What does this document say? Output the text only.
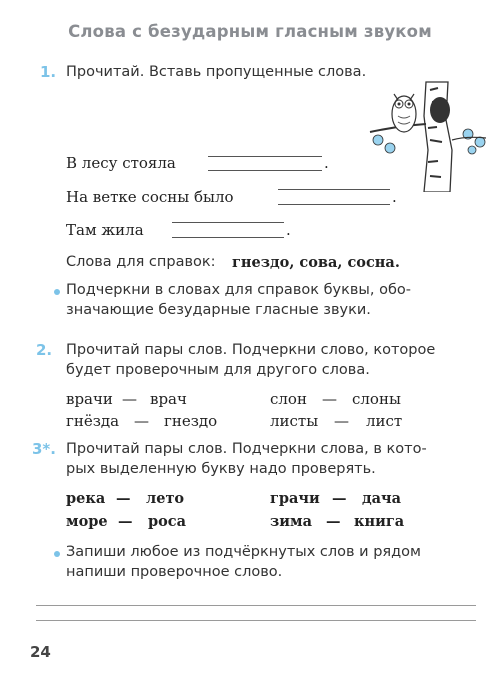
Слова с безударным гласным звуком
1. Прочитай. Вставь пропущенные слова.
В лесу стояла	.
На ветке сосны было	.
Там жила	.
Слова для справок: гнездо, сова, сосна.
Подчеркни в словах для справок буквы, обо-
значающие безударные гласные звуки.
2. Прочитай пары слов. Подчеркни слово, которое
будет проверочным для другого слова.
врачи — врач	слон — слоны
гнёзда — гнездо	листы — лист
3*. Прочитай пары слов. Подчеркни слова, в кото-
рых выделенную букву надо проверять.
река — лето	грачи — дача
море — роса	зима — книга
Запиши любое из подчёркнутых слов и рядом
напиши проверочное слово.
24
